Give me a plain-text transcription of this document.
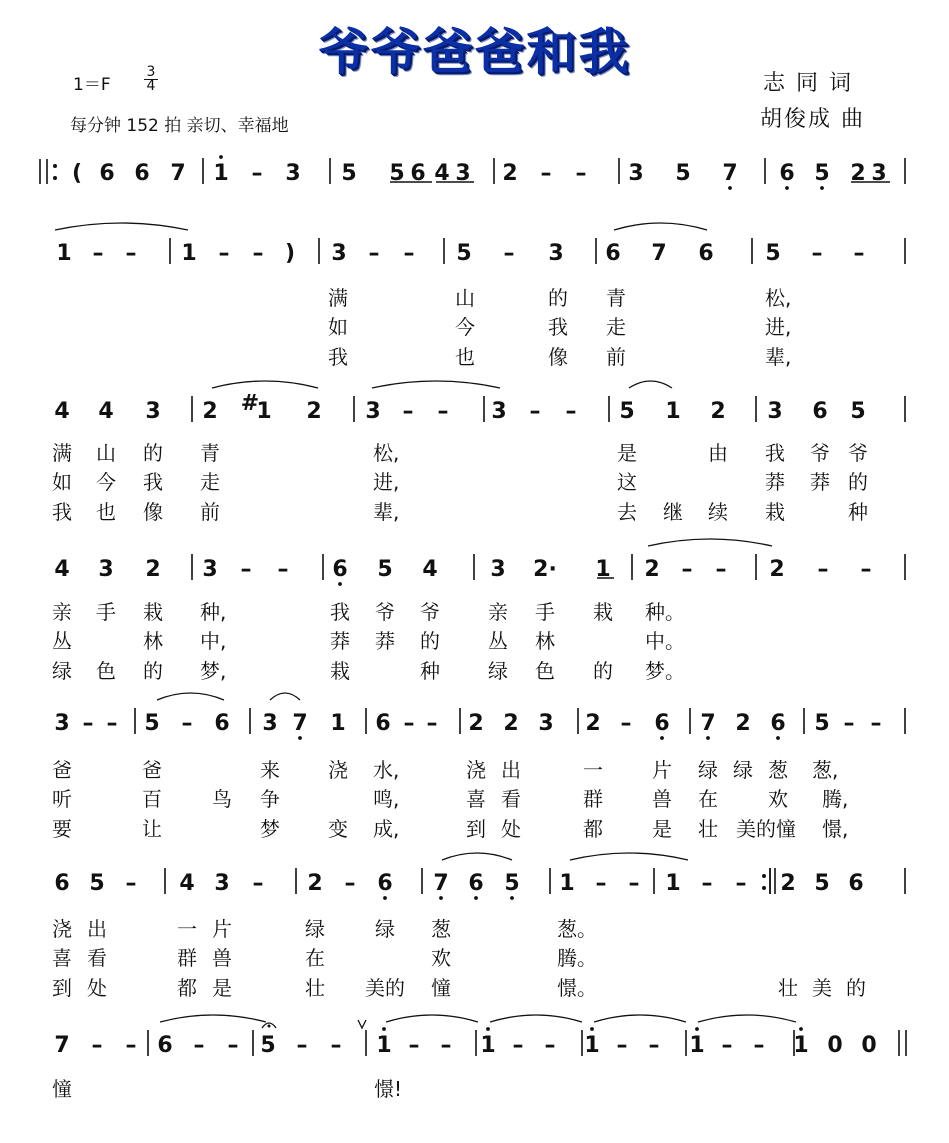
爷爷爸爸和我
1＝F
3
4
每分钟 152 拍 亲切、幸福地
志 同 词
胡俊成 曲
( 6 6 7 1 – 3 5 5 6 4 3 2 – – 3 5 7 6 5 2 3
1 – – 1 – – ) 3 – – 5 – 3 6 7 6 5 – –
4 4 3 2 #
1 2 3 – – 3 – – 5 1 2 3 6 5
4 3 2 3 – – 6 5 4 3 2· 1 2 – – 2 – –
3 – – 5 – 6 3 7 1 6 – – 2 2 3 2 – 6 7 2 6 5 – –
6 5 – 4 3 – 2 – 6 7 6 5 1 – – 1 – – 2 5 6
7 – – 6 – – 5 – – 1 – – 1 – – 1 – – 1 – – 1 0 0
满	山	的 青	松,
如	今	我 走	进,
我	也	像 前	辈,
满 山 的 青	松,	是	由 我 爷 爷
如 今 我 走	进,	这	莽 莽 的
我 也 像 前	辈,	去 继 续 栽	种
亲 手 栽 种,	我 爷 爷 亲 手 栽 种。
丛	林 中,	莽 莽 的 丛 林	中。
绿 色 的 梦,	栽	种 绿 色 的 梦。
爸	爸	来 浇 水,	浇 出	一 片 绿 绿 葱 葱,
听	百	鸟 争	鸣,	喜 看	群 兽 在	欢 腾,
要	让	梦 变 成,	到 处	都 是 壮 美的憧 憬,
浇 出	一 片	绿	绿 葱	葱。
喜 看	群 兽	在	欢	腾。
到 处	都 是	壮 美的 憧	憬。	壮 美 的
憧	憬!
